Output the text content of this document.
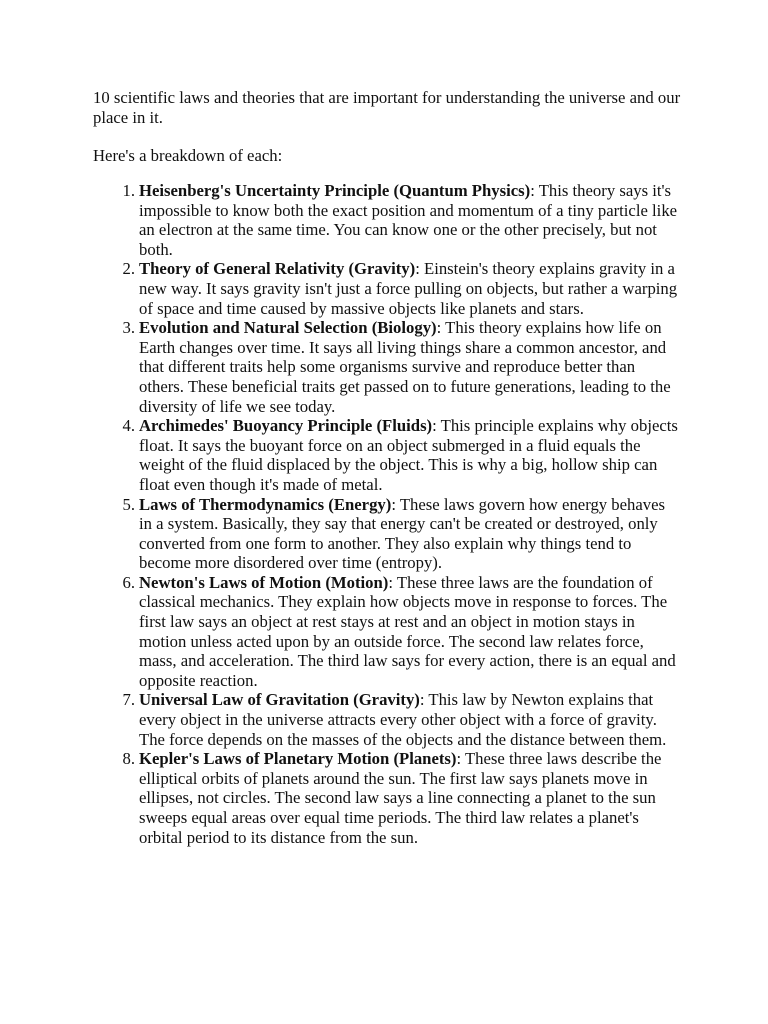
10 scientific laws and theories that are important for understanding the universe and our place in it.

Here's a breakdown of each:

1. Heisenberg's Uncertainty Principle (Quantum Physics): This theory says it's impossible to know both the exact position and momentum of a tiny particle like an electron at the same time. You can know one or the other precisely, but not both.
2. Theory of General Relativity (Gravity): Einstein's theory explains gravity in a new way. It says gravity isn't just a force pulling on objects, but rather a warping of space and time caused by massive objects like planets and stars.
3. Evolution and Natural Selection (Biology): This theory explains how life on Earth changes over time. It says all living things share a common ancestor, and that different traits help some organisms survive and reproduce better than others. These beneficial traits get passed on to future generations, leading to the diversity of life we see today.
4. Archimedes' Buoyancy Principle (Fluids): This principle explains why objects float. It says the buoyant force on an object submerged in a fluid equals the weight of the fluid displaced by the object. This is why a big, hollow ship can float even though it's made of metal.
5. Laws of Thermodynamics (Energy): These laws govern how energy behaves in a system. Basically, they say that energy can't be created or destroyed, only converted from one form to another. They also explain why things tend to become more disordered over time (entropy).
6. Newton's Laws of Motion (Motion): These three laws are the foundation of classical mechanics. They explain how objects move in response to forces. The first law says an object at rest stays at rest and an object in motion stays in motion unless acted upon by an outside force. The second law relates force, mass, and acceleration. The third law says for every action, there is an equal and opposite reaction.
7. Universal Law of Gravitation (Gravity): This law by Newton explains that every object in the universe attracts every other object with a force of gravity. The force depends on the masses of the objects and the distance between them.
8. Kepler's Laws of Planetary Motion (Planets): These three laws describe the elliptical orbits of planets around the sun. The first law says planets move in ellipses, not circles. The second law says a line connecting a planet to the sun sweeps equal areas over equal time periods. The third law relates a planet's orbital period to its distance from the sun.
